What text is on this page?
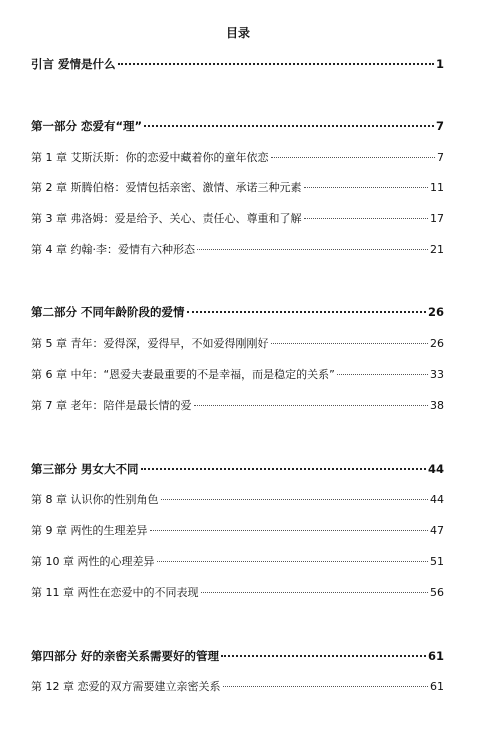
目录
引言 爱情是什么	1
第一部分 恋爱有“理”	7
第 1 章 艾斯沃斯：你的恋爱中藏着你的童年依恋	7
第 2 章 斯腾伯格：爱情包括亲密、激情、承诺三种元素	11
第 3 章 弗洛姆：爱是给予、关心、责任心、尊重和了解	17
第 4 章 约翰·李：爱情有六种形态	21
第二部分 不同年龄阶段的爱情	26
第 5 章 青年：爱得深，爱得早，不如爱得刚刚好	26
第 6 章 中年：“恩爱夫妻最重要的不是幸福，而是稳定的关系”	33
第 7 章 老年：陪伴是最长情的爱	38
第三部分 男女大不同	44
第 8 章 认识你的性别角色	44
第 9 章 两性的生理差异	47
第 10 章 两性的心理差异	51
第 11 章 两性在恋爱中的不同表现	56
第四部分 好的亲密关系需要好的管理	61
第 12 章 恋爱的双方需要建立亲密关系	61
